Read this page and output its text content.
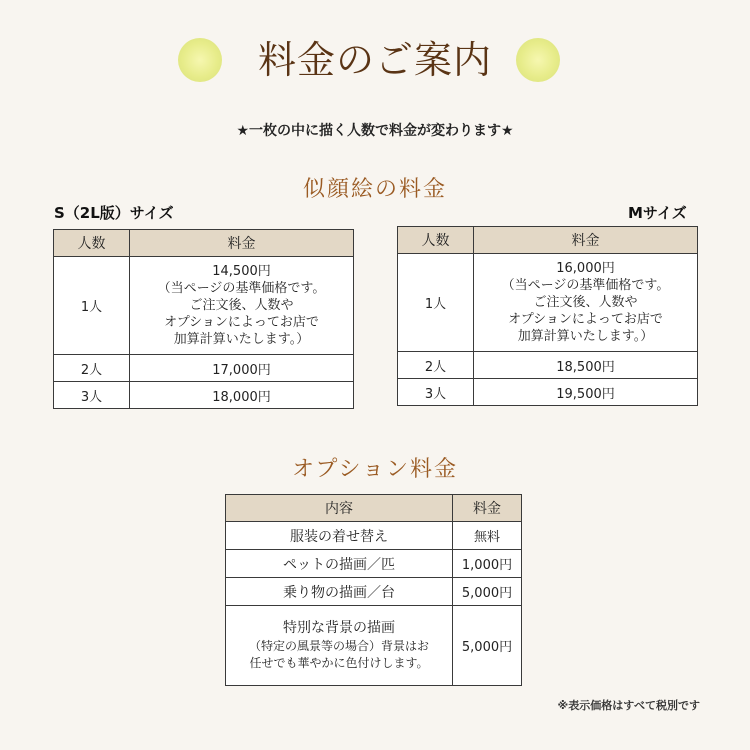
料金のご案内
★一枚の中に描く人数で料金が変わります★
似顔絵の料金
S（2L版）サイズ	Mサイズ
人数	料金
1人	14,500円
（当ページの基準価格です。
ご注文後、人数や
オプションによってお店で
加算計算いたします。）

2人	17,000円
3人	18,000円
人数	料金
1人	16,000円
（当ページの基準価格です。
ご注文後、人数や
オプションによってお店で
加算計算いたします。）

2人	18,500円
3人	19,500円
オプション料金
内容	料金
服装の着せ替え	無料
ペットの描画／匹	1,000円
乗り物の描画／台	5,000円

特別な背景の描画
（特定の風景等の場合）背景はお
任せでも華やかに色付けします。	5,000円
※表示価格はすべて税別です
